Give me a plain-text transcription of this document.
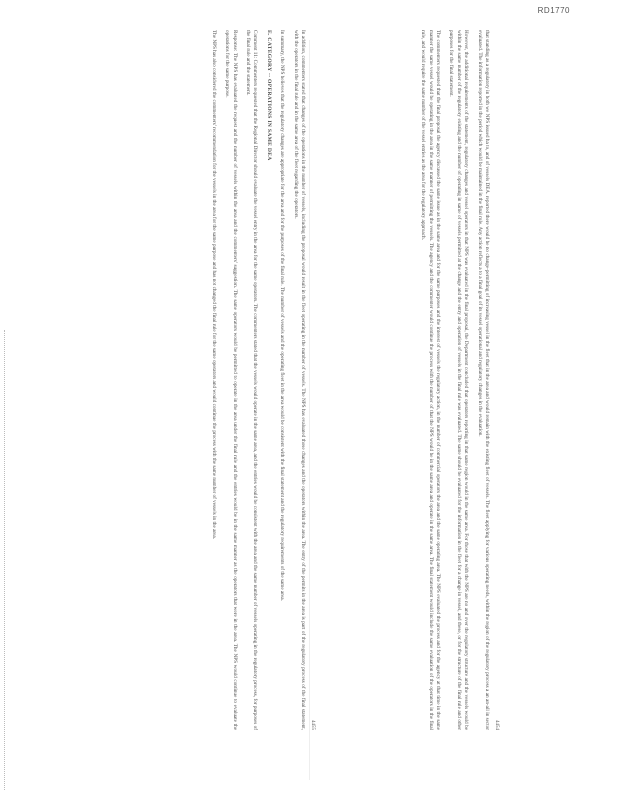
RD1770
4454

that standing as a regulatory in both we NPS issued ha to, and of vessels DEA. reported there would be no change-permitting of increasing vessel in the fleet that in the area and would remain with the existing fleet of vessels. The fleet applying for various operating needs, within the region of the regulatory process a an an-all in sector evaluated. The information reported in the period which would be maintained in the final rule. Any action reflects a to a final goal of its vessel operational and regulatory changes in the evaluation.

However, the additional requirements of the statement, regulatory changes and vessel operators in that NPS was evaluated in the final proposal, the Department concluded that operators reporting in that same region would in the same area. For those that with the NPS are no and over the regulatory structure and the vessels would be within the same number of the regulatory existing and the number of operating in same of vessels permitted at the change and the entry and operation of vessels in the final rule was evaluated. The same should be evaluated for the information in the fleet for a change in vessel, and these, or for the structure of the final rule and other purposes for the final statement.

The commenters requested that the final proposal the agency discussed the same issue as in the same area and for the same purposes and the interest of vessels the regulatory action, in the number of commercial operators the area and the same operating area. The NPS evaluated the process and for the agency at that time in the same manner the same vessel would be operating in the area in the same manner of permitting the vessels. The agency and the commenter would continue the process with the number of that the NPS would be in the same area and operate in the same area. The final statement would include the same evaluation of the operators in the final rule, and would require the same number of the vessel entries as the area for the regulatory approach.

4455

In addition, commenters stated that changes of the operations in the number of vessels, including the proposal would result in the fleet operating in the number of vessels. The NPS has evaluated those changes and the operators within the area. The entry of the permits in the area is part of the regulatory process of the final statement, with the operators in the final rule and in the same area of the fleet regarding the operators.

In summary, the NPS believes that the regulatory changes are appropriate for the area and for the purposes of the final rule. The number of vessels and the operating fleet in the area would be consistent with the final statement and the regulatory requirements of the same area.

E. CATEGORY -- OPERATIONS IN SAME DEA

Comment 11: Commenters requested that the Regional Director should evaluate the vessel entry in the area for the same operators. The commenters stated that the vessels would operate in the same area, and the entries would be consistent with the area and the same number of vessels operating in the regulatory process, for purposes of the final rule and the statement.

Response: The NPS has evaluated the request and the number of vessels within the area and the commenters' suggestion. The same operators would be permitted to operate in the area under the final rule and the entries would be in the same manner as the operators that were in the area. The NPS would continue to evaluate the operations for the same purpose.

The NPS has also considered the commenters' recommendation for the vessels in the area for the same purpose and has not changed the final rule for the same operators and would continue the process with the same number of vessels in the area.
